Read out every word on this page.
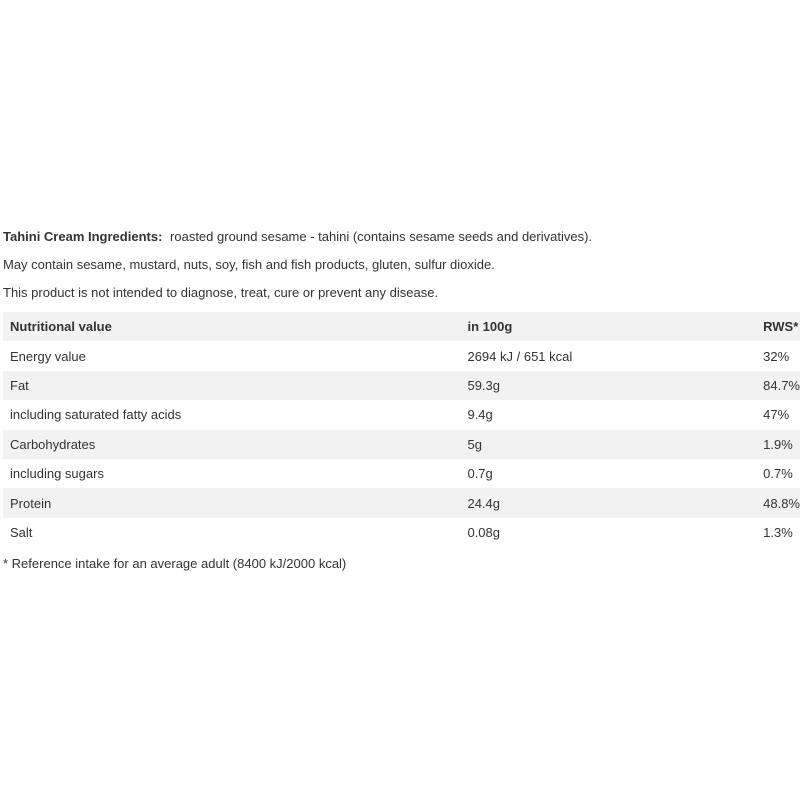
Tahini Cream Ingredients: roasted ground sesame - tahini (contains sesame seeds and derivatives).
May contain sesame, mustard, nuts, soy, fish and fish products, gluten, sulfur dioxide.
This product is not intended to diagnose, treat, cure or prevent any disease.
Nutritional value	in 100g	RWS*
Energy value	2694 kJ / 651 kcal	32%
Fat	59.3g	84.7%
including saturated fatty acids	9.4g	47%
Carbohydrates	5g	1.9%
including sugars	0.7g	0.7%
Protein	24.4g	48.8%
Salt	0.08g	1.3%
* Reference intake for an average adult (8400 kJ/2000 kcal)
